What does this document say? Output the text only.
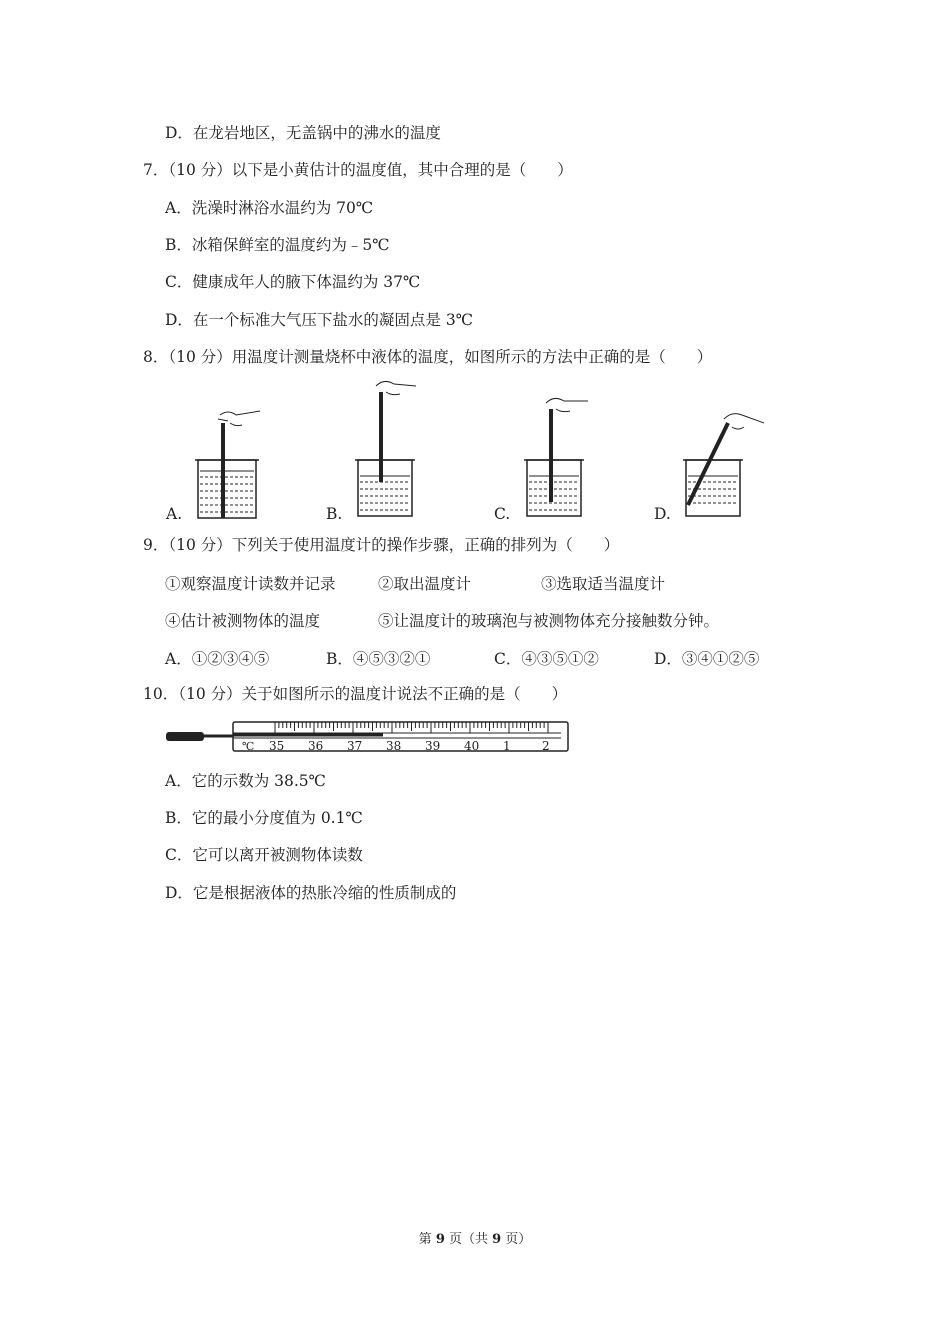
D．在龙岩地区，无盖锅中的沸水的温度
7．（10 分）以下是小黄估计的温度值，其中合理的是（　　）
A．洗澡时淋浴水温约为 70℃
B．冰箱保鲜室的温度约为﹣5℃
C．健康成年人的腋下体温约为 37℃
D．在一个标准大气压下盐水的凝固点是 3℃
8．（10 分）用温度计测量烧杯中液体的温度，如图所示的方法中正确的是（　　）
A.	B.	C.	D.
9．（10 分）下列关于使用温度计的操作步骤，正确的排列为（　　）
①观察温度计读数并记录	②取出温度计	③选取适当温度计
④估计被测物体的温度	⑤让温度计的玻璃泡与被测物体充分接触数分钟。
A．①②③④⑤	B．④⑤③②①	C．④③⑤①②	D．③④①②⑤
10．（10 分）关于如图所示的温度计说法不正确的是（　　）
℃ 35 36 37 38 39 40 1	2
A．它的示数为 38.5℃
B．它的最小分度值为 0.1℃
C．它可以离开被测物体读数
D．它是根据液体的热胀冷缩的性质制成的
第 9 页（共 9 页）
